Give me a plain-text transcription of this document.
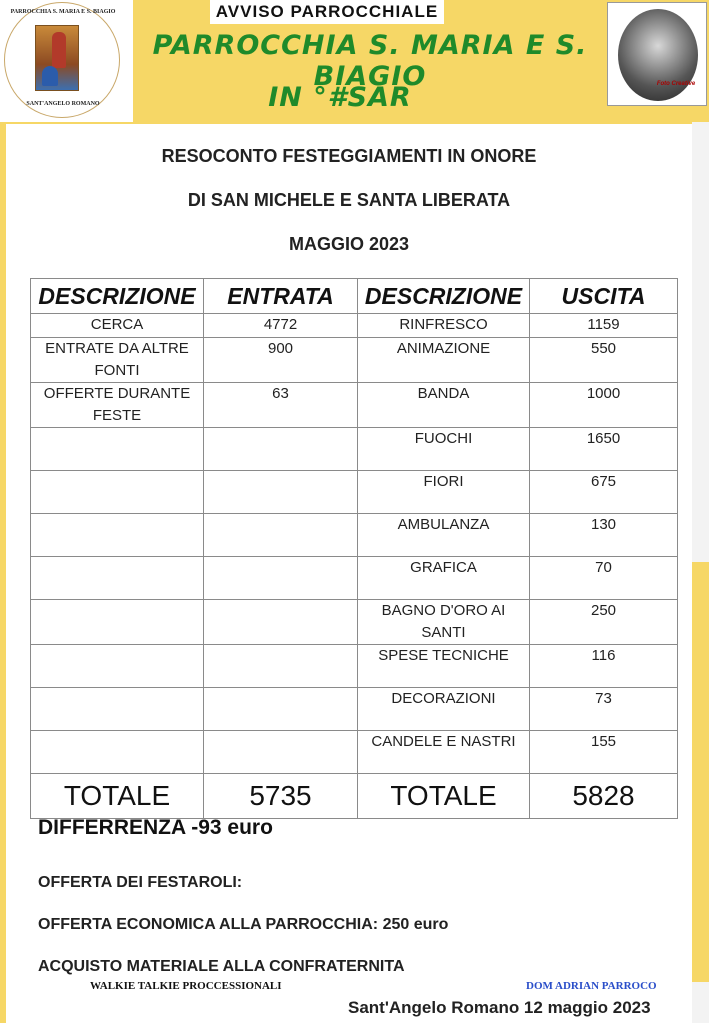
PARROCCHIA S. MARIA E S. BIAGIO
SANT'ANGELO ROMANO
AVVISO PARROCCHIALE
PARROCCHIA S. MARIA E S. BIAGIO
IN °#SAR	Foto Creative
RESOCONTO FESTEGGIAMENTI IN ONORE
DI SAN MICHELE E SANTA LIBERATA
MAGGIO 2023
DESCRIZIONE	ENTRATA	DESCRIZIONE	USCITA
CERCA	4772	RINFRESCO	1159
ENTRATE DA ALTRE FONTI	900	ANIMAZIONE	550
OFFERTE DURANTE FESTE	63	BANDA	1000
		FUOCHI	1650
		FIORI	675
		AMBULANZA	130
		GRAFICA	70
		BAGNO D'ORO AI SANTI	250
		SPESE TECNICHE	116
		DECORAZIONI	73
		CANDELE E NASTRI	155
TOTALE	5735	TOTALE	5828
DIFFERRENZA -93 euro
OFFERTA DEI FESTAROLI:
OFFERTA ECONOMICA ALLA PARROCCHIA: 250 euro
ACQUISTO MATERIALE ALLA CONFRATERNITA
WALKIE TALKIE PROCCESSIONALI	DOM ADRIAN PARROCO
Sant'Angelo Romano 12 maggio 2023
